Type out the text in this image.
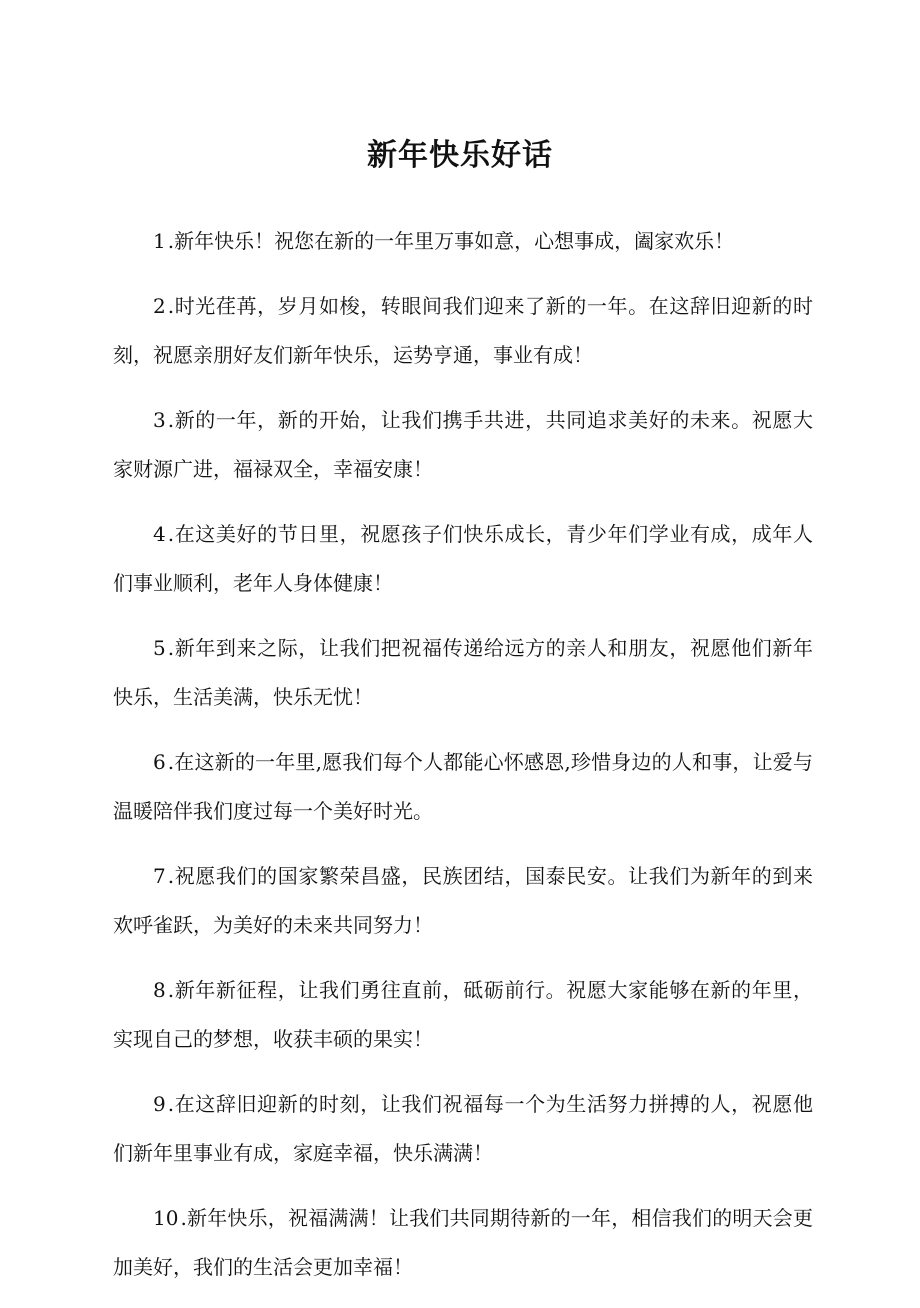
新年快乐好话

1 .新年快乐！祝您在新的一年里万事如意，心想事成，阖家欢乐！

2 .时光荏苒，岁月如梭，转眼间我们迎来了新的一年。在这辞旧迎新的时刻，祝愿亲朋好友们新年快乐，运势亨通，事业有成！

3 .新的一年，新的开始，让我们携手共进，共同追求美好的未来。祝愿大家财源广进，福禄双全，幸福安康！

4 .在这美好的节日里，祝愿孩子们快乐成长，青少年们学业有成，成年人们事业顺利，老年人身体健康！

5 .新年到来之际，让我们把祝福传递给远方的亲人和朋友，祝愿他们新年快乐，生活美满，快乐无忧！

6 .在这新的一年里,愿我们每个人都能心怀感恩,珍惜身边的人和事，让爱与温暖陪伴我们度过每一个美好时光。

7 .祝愿我们的国家繁荣昌盛，民族团结，国泰民安。让我们为新年的到来欢呼雀跃，为美好的未来共同努力！

8 .新年新征程，让我们勇往直前，砥砺前行。祝愿大家能够在新的年里，实现自己的梦想，收获丰硕的果实！

9 .在这辞旧迎新的时刻，让我们祝福每一个为生活努力拼搏的人，祝愿他们新年里事业有成，家庭幸福，快乐满满！

10 .新年快乐，祝福满满！让我们共同期待新的一年，相信我们的明天会更加美好，我们的生活会更加幸福！
